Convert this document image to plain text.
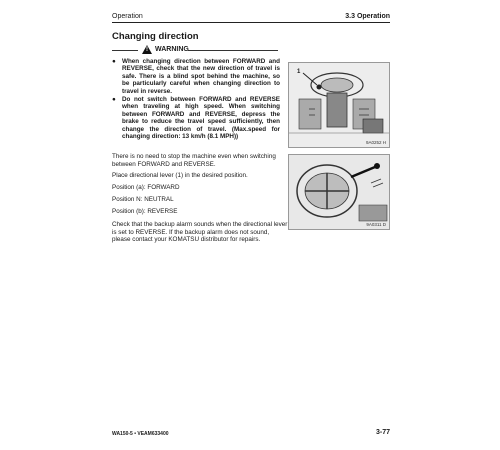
Operation	3.3 Operation
Changing direction
! WARNING
● When changing direction between FORWARD and REVERSE, check that the new direction of travel is safe. There is a blind spot behind the machine, so be particularly careful when changing direction to travel in reverse.
● Do not switch between FORWARD and REVERSE when traveling at high speed. When switching between FORWARD and REVERSE, depress the brake to reduce the travel speed sufficiently, then change the direction of travel. (Max.speed for changing direction: 13 km/h (8.1 MPH))
1
9A0252 H
9A0311 D
There is no need to stop the machine even when switching between FORWARD and REVERSE.
Place directional lever (1) in the desired position.
Position (a): FORWARD
Position N: NEUTRAL
Position (b): REVERSE
Check that the backup alarm sounds when the directional lever is set to REVERSE. If the backup alarm does not sound, please contact your KOMATSU distributor for repairs.
WA150-5 • VEAM633400	3-77
